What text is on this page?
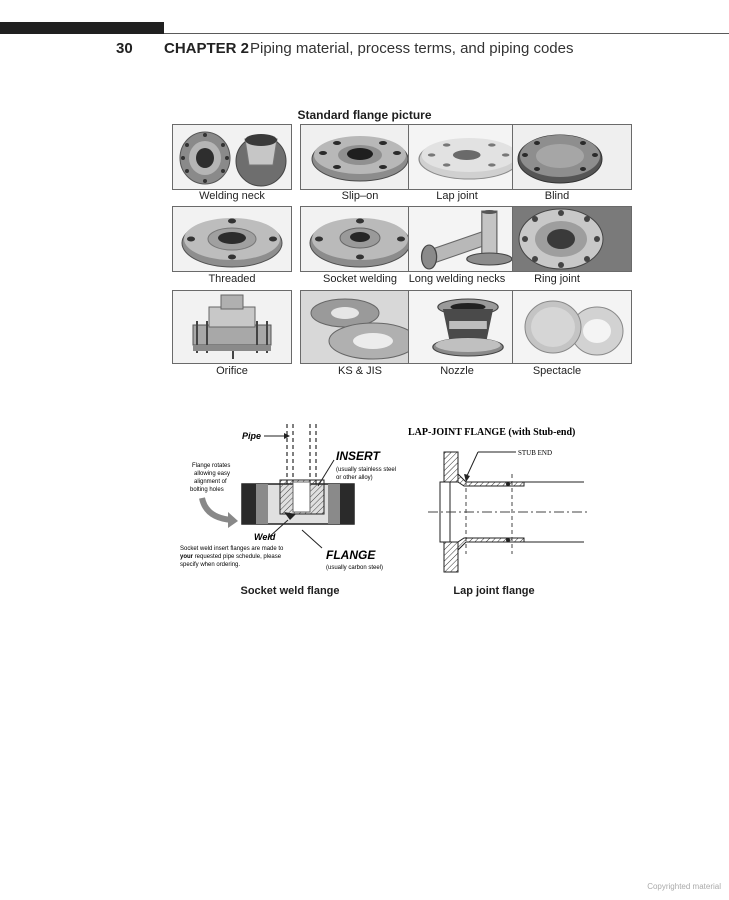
30 CHAPTER 2 Piping material, process terms, and piping codes
Standard flange picture
Welding neck	Slip–on	Lap joint	Blind
Threaded	Socket welding	Long welding necks	Ring joint
Orifice	KS & JIS	Nozzle	Spectacle
Pipe
INSERT
(usually stainless steel
or other alloy)
Flange rotates
allowing easy
alignment of
bolting holes
Weld
Socket weld insert flanges are made to
your requested pipe schedule, please
specify when ordering.
FLANGE
(usually carbon steel)
Socket weld flange
LAP-JOINT FLANGE (with Stub-end)
STUB END
Lap joint flange
Copyrighted material
